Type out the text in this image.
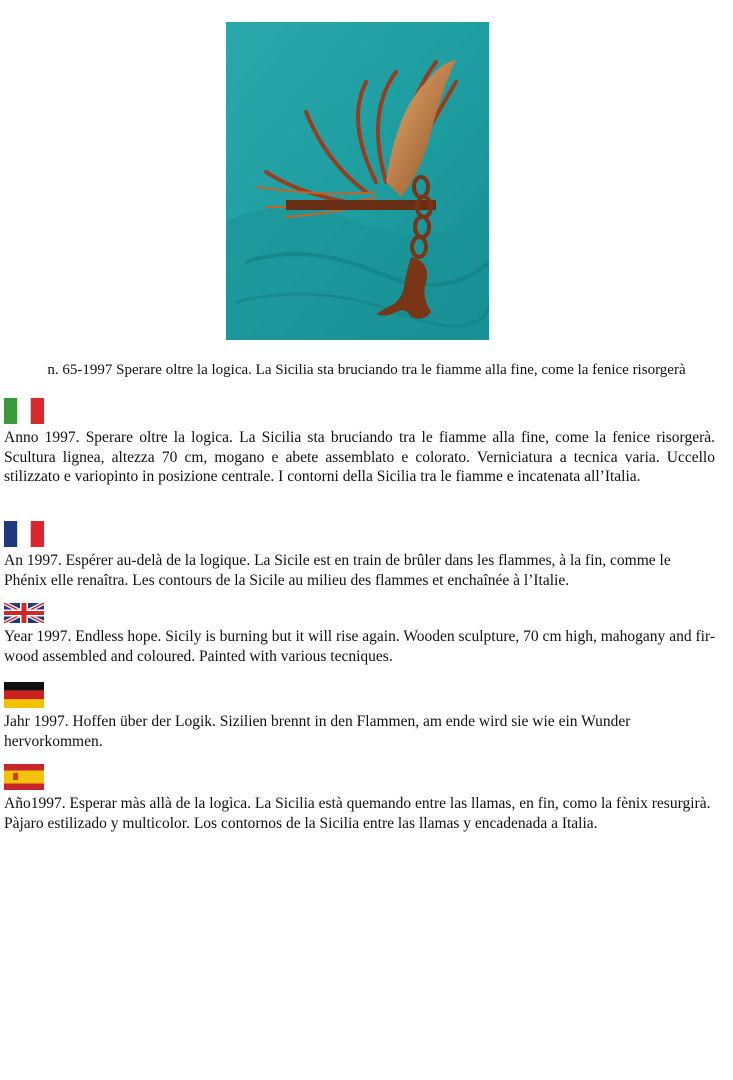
n. 65-1997 Sperare oltre la logica. La Sicilia sta bruciando tra le fiamme alla fine, come la fenice risorgerà

Anno 1997. Sperare oltre la logica. La Sicilia sta bruciando tra le fiamme alla fine, come la fenice risorgerà. Scultura lignea, altezza 70 cm, mogano e abete assemblato e colorato. Verniciatura a tecnica varia. Uccello stilizzato e variopinto in posizione centrale. I contorni della Sicilia tra le fiamme e incatenata all’Italia.

An 1997. Espérer au-delà de la logique. La Sicile est en train de brûler dans les flammes, à la fin, comme le Phénix elle renaîtra. Les contours de la Sicile au milieu des flammes et enchaînée à l’Italie.

Year 1997. Endless hope. Sicily is burning but it will rise again. Wooden sculpture, 70 cm high, mahogany and fir-wood assembled and coloured. Painted with various tecniques.

Jahr 1997. Hoffen über der Logik. Sizilien brennt in den Flammen, am ende wird sie wie ein Wunder hervorkommen.

Año1997. Esperar màs allà de la logìca. La Sicilia està quemando entre las llamas, en fin, como la fènix resurgirà. Pàjaro estilizado y multicolor. Los contornos de la Sicilia entre las llamas y encadenada a Italia.
